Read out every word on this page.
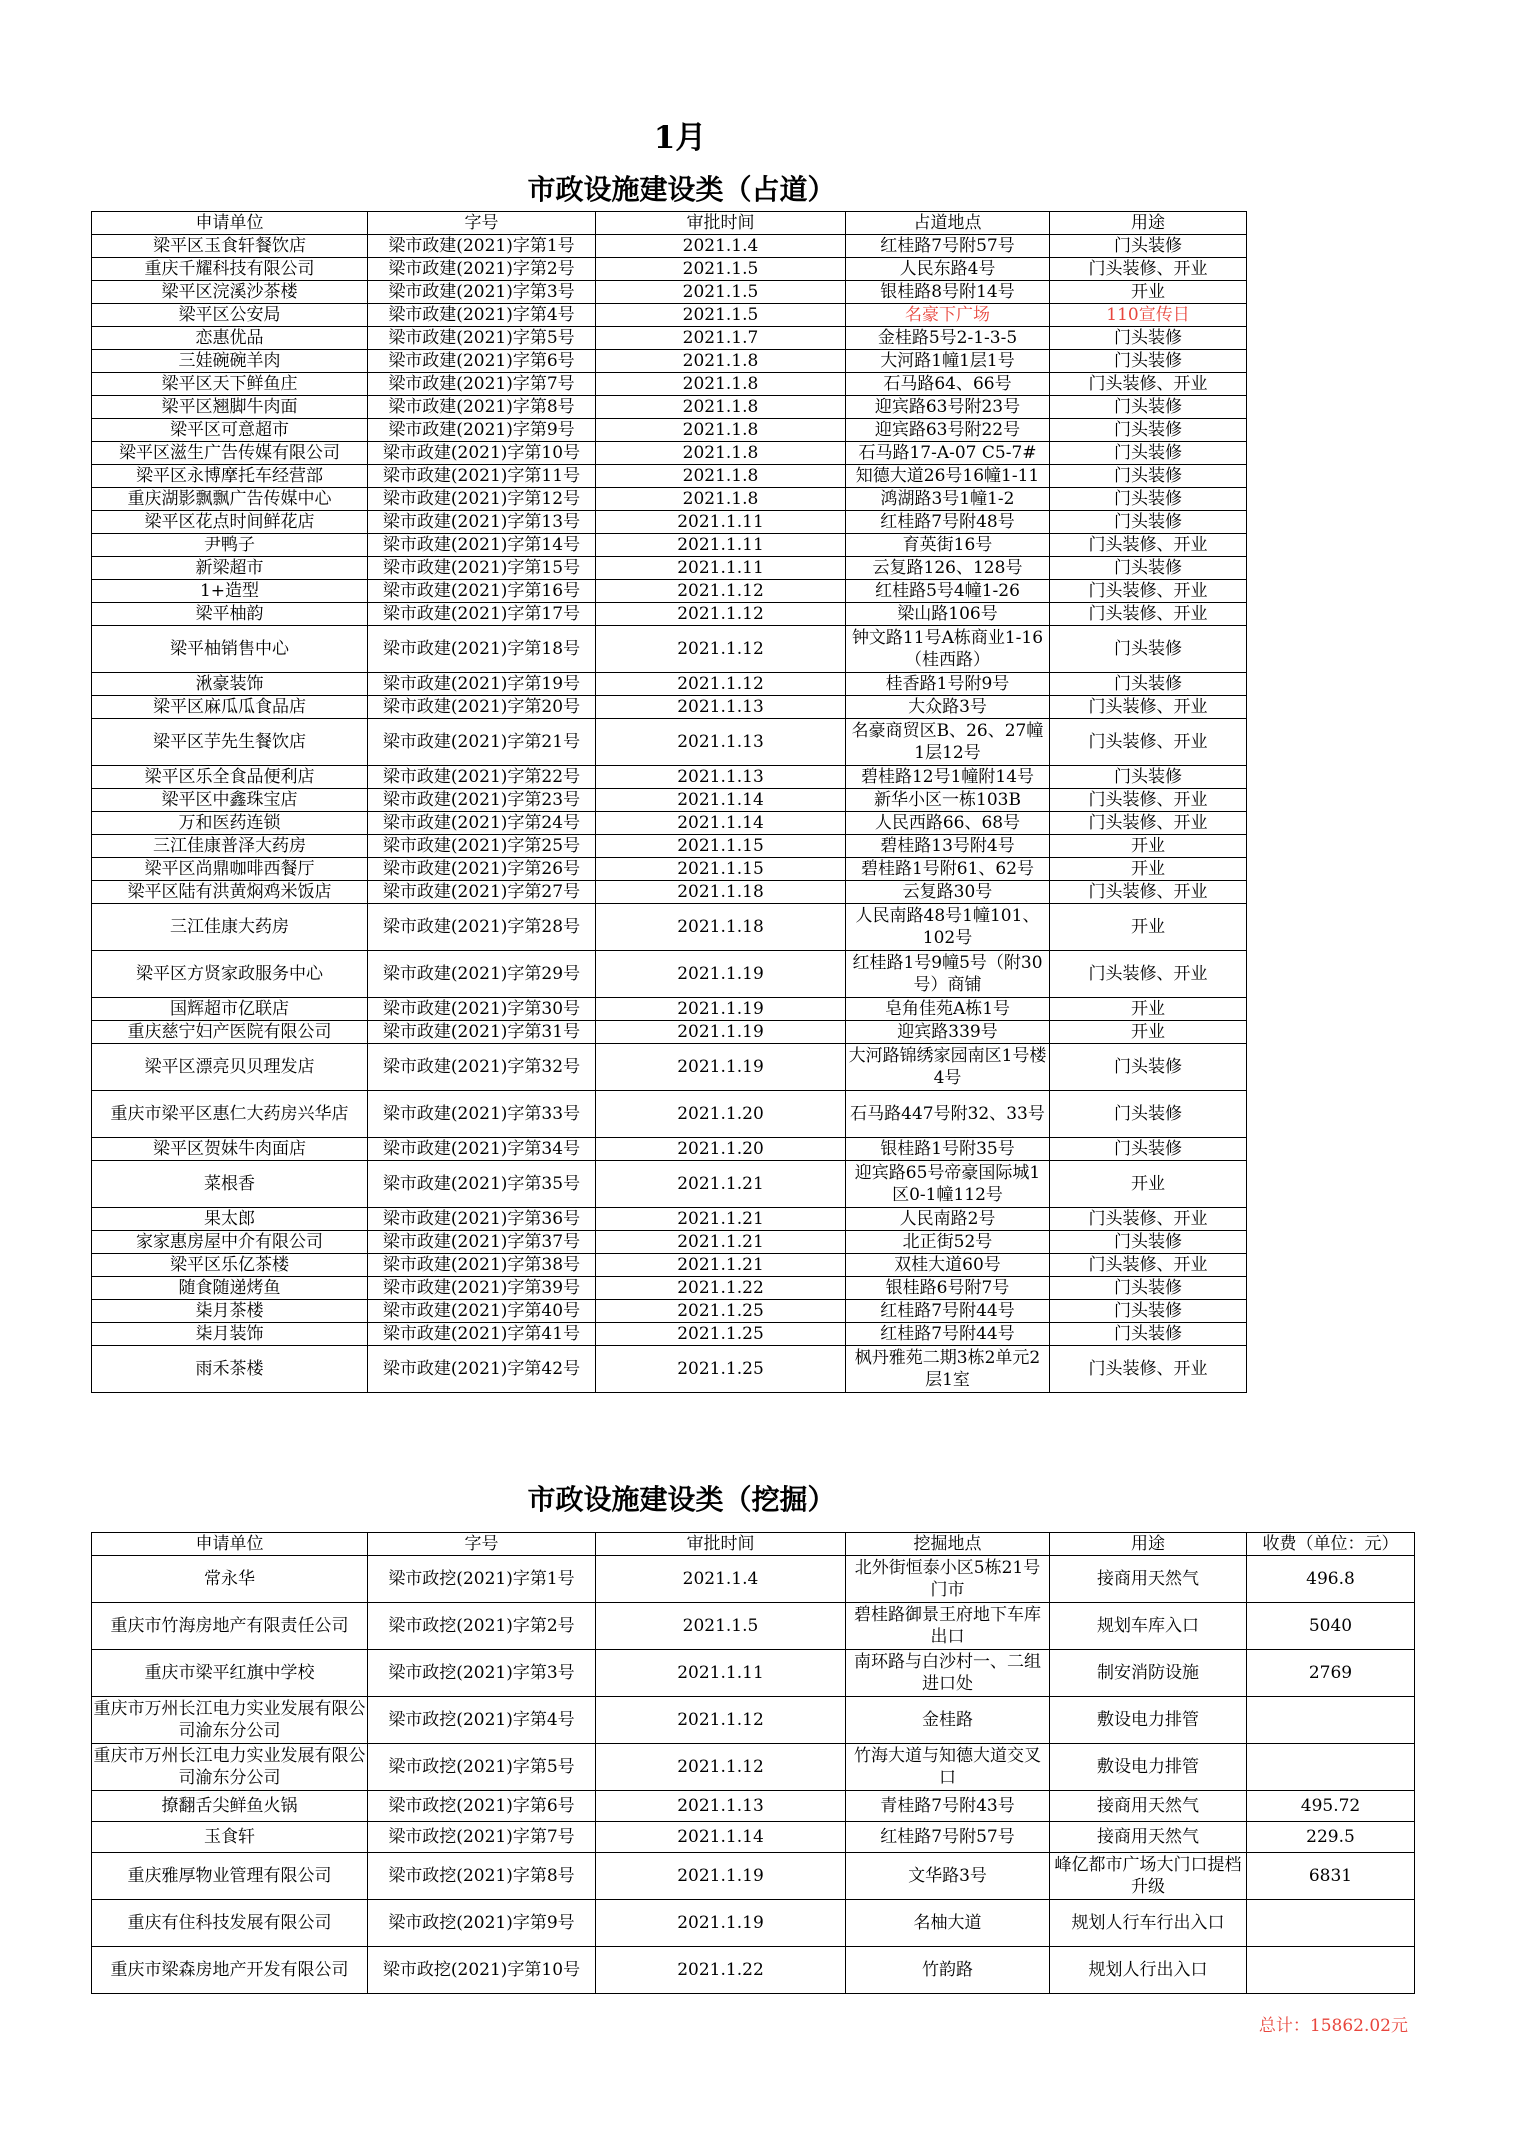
1月
市政设施建设类（占道）
申请单位	字号	审批时间	占道地点	用途
梁平区玉食轩餐饮店	梁市政建(2021)字第1号	2021.1.4	红桂路7号附57号	门头装修
重庆千耀科技有限公司	梁市政建(2021)字第2号	2021.1.5	人民东路4号	门头装修、开业
梁平区浣溪沙茶楼	梁市政建(2021)字第3号	2021.1.5	银桂路8号附14号	开业
梁平区公安局	梁市政建(2021)字第4号	2021.1.5	名豪下广场	110宣传日
恋惠优品	梁市政建(2021)字第5号	2021.1.7	金桂路5号2-1-3-5	门头装修
三娃碗碗羊肉	梁市政建(2021)字第6号	2021.1.8	大河路1幢1层1号	门头装修
梁平区天下鲜鱼庄	梁市政建(2021)字第7号	2021.1.8	石马路64、66号	门头装修、开业
梁平区翘脚牛肉面	梁市政建(2021)字第8号	2021.1.8	迎宾路63号附23号	门头装修
梁平区可意超市	梁市政建(2021)字第9号	2021.1.8	迎宾路63号附22号	门头装修
梁平区滋生广告传媒有限公司	梁市政建(2021)字第10号	2021.1.8	石马路17-A-07 C5-7#	门头装修
梁平区永博摩托车经营部	梁市政建(2021)字第11号	2021.1.8	知德大道26号16幢1-11	门头装修
重庆湖影飘飘广告传媒中心	梁市政建(2021)字第12号	2021.1.8	鸿湖路3号1幢1-2	门头装修
梁平区花点时间鲜花店	梁市政建(2021)字第13号	2021.1.11	红桂路7号附48号	门头装修
尹鸭子	梁市政建(2021)字第14号	2021.1.11	育英街16号	门头装修、开业
新梁超市	梁市政建(2021)字第15号	2021.1.11	云复路126、128号	门头装修
1+造型	梁市政建(2021)字第16号	2021.1.12	红桂路5号4幢1-26	门头装修、开业
梁平柚韵	梁市政建(2021)字第17号	2021.1.12	梁山路106号	门头装修、开业
梁平柚销售中心	梁市政建(2021)字第18号	2021.1.12	钟文路11号A栋商业1-16（桂西路）	门头装修
湫豪装饰	梁市政建(2021)字第19号	2021.1.12	桂香路1号附9号	门头装修
梁平区麻瓜瓜食品店	梁市政建(2021)字第20号	2021.1.13	大众路3号	门头装修、开业
梁平区芋先生餐饮店	梁市政建(2021)字第21号	2021.1.13	名豪商贸区B、26、27幢1层12号	门头装修、开业
梁平区乐全食品便利店	梁市政建(2021)字第22号	2021.1.13	碧桂路12号1幢附14号	门头装修
梁平区中鑫珠宝店	梁市政建(2021)字第23号	2021.1.14	新华小区一栋103B	门头装修、开业
万和医药连锁	梁市政建(2021)字第24号	2021.1.14	人民西路66、68号	门头装修、开业
三江佳康普泽大药房	梁市政建(2021)字第25号	2021.1.15	碧桂路13号附4号	开业
梁平区尚鼎咖啡西餐厅	梁市政建(2021)字第26号	2021.1.15	碧桂路1号附61、62号	开业
梁平区陆有洪黄焖鸡米饭店	梁市政建(2021)字第27号	2021.1.18	云复路30号	门头装修、开业
三江佳康大药房	梁市政建(2021)字第28号	2021.1.18	人民南路48号1幢101、102号	开业
梁平区方贤家政服务中心	梁市政建(2021)字第29号	2021.1.19	红桂路1号9幢5号（附30号）商铺	门头装修、开业
国辉超市亿联店	梁市政建(2021)字第30号	2021.1.19	皂角佳苑A栋1号	开业
重庆慈宁妇产医院有限公司	梁市政建(2021)字第31号	2021.1.19	迎宾路339号	开业
梁平区漂亮贝贝理发店	梁市政建(2021)字第32号	2021.1.19	大河路锦绣家园南区1号楼4号	门头装修
重庆市梁平区惠仁大药房兴华店	梁市政建(2021)字第33号	2021.1.20	石马路447号附32、33号	门头装修
梁平区贺妹牛肉面店	梁市政建(2021)字第34号	2021.1.20	银桂路1号附35号	门头装修
菜根香	梁市政建(2021)字第35号	2021.1.21	迎宾路65号帝豪国际城1区0-1幢112号	开业
果太郎	梁市政建(2021)字第36号	2021.1.21	人民南路2号	门头装修、开业
家家惠房屋中介有限公司	梁市政建(2021)字第37号	2021.1.21	北正街52号	门头装修
梁平区乐亿茶楼	梁市政建(2021)字第38号	2021.1.21	双桂大道60号	门头装修、开业
随食随递烤鱼	梁市政建(2021)字第39号	2021.1.22	银桂路6号附7号	门头装修
柒月茶楼	梁市政建(2021)字第40号	2021.1.25	红桂路7号附44号	门头装修
柒月装饰	梁市政建(2021)字第41号	2021.1.25	红桂路7号附44号	门头装修
雨禾茶楼	梁市政建(2021)字第42号	2021.1.25	枫丹雅苑二期3栋2单元2层1室	门头装修、开业
市政设施建设类（挖掘）
申请单位	字号	审批时间	挖掘地点	用途	收费（单位：元）
常永华	梁市政挖(2021)字第1号	2021.1.4	北外街恒泰小区5栋21号门市	接商用天然气	496.8
重庆市竹海房地产有限责任公司	梁市政挖(2021)字第2号	2021.1.5	碧桂路御景王府地下车库出口	规划车库入口	5040
重庆市梁平红旗中学校	梁市政挖(2021)字第3号	2021.1.11	南环路与白沙村一、二组进口处	制安消防设施	2769
重庆市万州长江电力实业发展有限公司渝东分公司	梁市政挖(2021)字第4号	2021.1.12	金桂路	敷设电力排管	
重庆市万州长江电力实业发展有限公司渝东分公司	梁市政挖(2021)字第5号	2021.1.12	竹海大道与知德大道交叉口	敷设电力排管	
撩翻舌尖鲜鱼火锅	梁市政挖(2021)字第6号	2021.1.13	青桂路7号附43号	接商用天然气	495.72
玉食轩	梁市政挖(2021)字第7号	2021.1.14	红桂路7号附57号	接商用天然气	229.5
重庆雅厚物业管理有限公司	梁市政挖(2021)字第8号	2021.1.19	文华路3号	峰亿都市广场大门口提档升级	6831
重庆有住科技发展有限公司	梁市政挖(2021)字第9号	2021.1.19	名柚大道	规划人行车行出入口	
重庆市梁森房地产开发有限公司	梁市政挖(2021)字第10号	2021.1.22	竹韵路	规划人行出入口	
总计：15862.02元
